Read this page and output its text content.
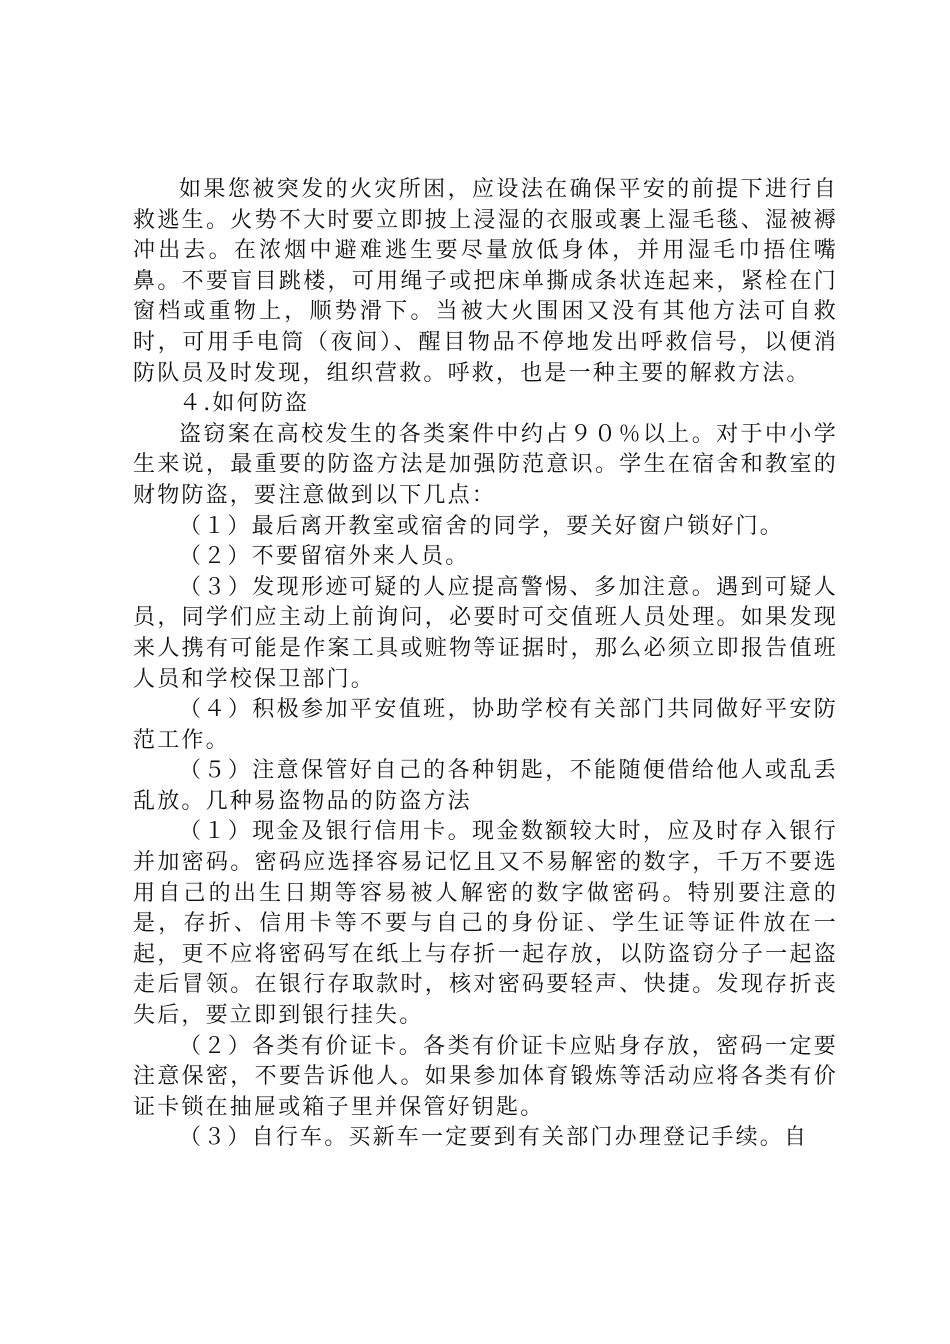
如果您被突发的火灾所困，应设法在确保平安的前提下进行自救逃生。火势不大时要立即披上浸湿的衣服或裹上湿毛毯、湿被褥冲出去。在浓烟中避难逃生要尽量放低身体，并用湿毛巾捂住嘴鼻。不要盲目跳楼，可用绳子或把床单撕成条状连起来，紧栓在门窗档或重物上，顺势滑下。当被大火围困又没有其他方法可自救时，可用手电筒（夜间）、醒目物品不停地发出呼救信号，以便消防队员及时发现，组织营救。呼救，也是一种主要的解救方法。

４.如何防盗

盗窃案在高校发生的各类案件中约占９０％以上。对于中小学生来说，最重要的防盗方法是加强防范意识。学生在宿舍和教室的财物防盗，要注意做到以下几点：

（１）最后离开教室或宿舍的同学，要关好窗户锁好门。

（２）不要留宿外来人员。

（３）发现形迹可疑的人应提高警惕、多加注意。遇到可疑人员，同学们应主动上前询问，必要时可交值班人员处理。如果发现来人携有可能是作案工具或赃物等证据时，那么必须立即报告值班人员和学校保卫部门。

（４）积极参加平安值班，协助学校有关部门共同做好平安防范工作。

（５）注意保管好自己的各种钥匙，不能随便借给他人或乱丢乱放。几种易盗物品的防盗方法

（１）现金及银行信用卡。现金数额较大时，应及时存入银行并加密码。密码应选择容易记忆且又不易解密的数字，千万不要选用自己的出生日期等容易被人解密的数字做密码。特别要注意的是，存折、信用卡等不要与自己的身份证、学生证等证件放在一起，更不应将密码写在纸上与存折一起存放，以防盗窃分子一起盗走后冒领。在银行存取款时，核对密码要轻声、快捷。发现存折丧失后，要立即到银行挂失。

（２）各类有价证卡。各类有价证卡应贴身存放，密码一定要注意保密，不要告诉他人。如果参加体育锻炼等活动应将各类有价证卡锁在抽屉或箱子里并保管好钥匙。

（３）自行车。买新车一定要到有关部门办理登记手续。自
